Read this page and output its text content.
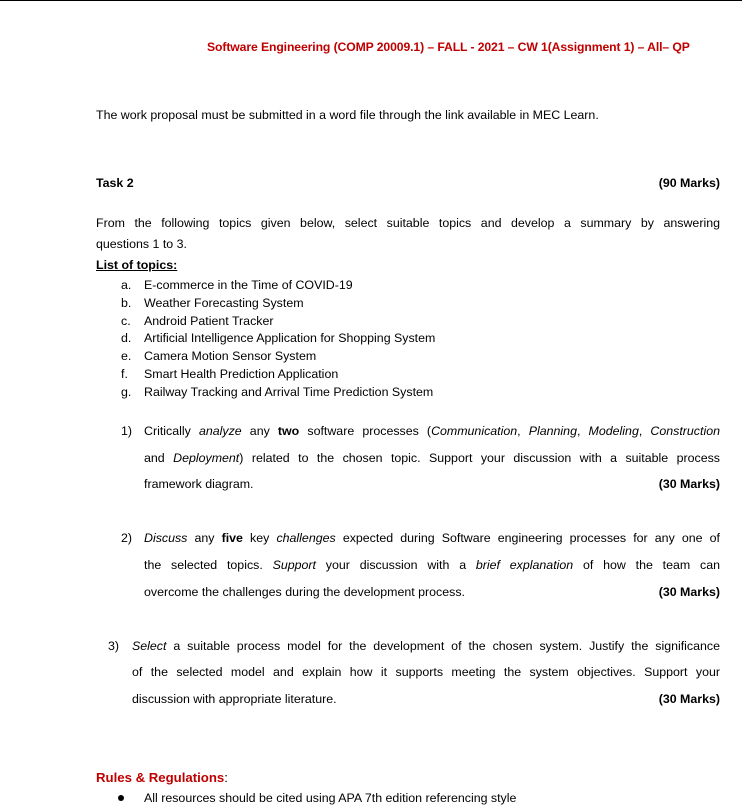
Software Engineering (COMP 20009.1) – FALL - 2021 – CW 1(Assignment 1) – All– QP
The work proposal must be submitted in a word file through the link available in MEC Learn.
Task 2	(90 Marks)
From the following topics given below, select suitable topics and develop a summary by answering
questions 1 to 3.
List of topics:
a.	E-commerce in the Time of COVID-19
b.	Weather Forecasting System
c.	Android Patient Tracker
d.	Artificial Intelligence Application for Shopping System
e.	Camera Motion Sensor System
f.	Smart Health Prediction Application
g.	Railway Tracking and Arrival Time Prediction System
1) Critically analyze any two software processes (Communication, Planning, Modeling, Construction
and Deployment) related to the chosen topic. Support your discussion with a suitable process
framework diagram.	(30 Marks)
2) Discuss any five key challenges expected during Software engineering processes for any one of
the selected topics. Support your discussion with a brief explanation of how the team can
overcome the challenges during the development process.	(30 Marks)
3) Select a suitable process model for the development of the chosen system. Justify the significance
of the selected model and explain how it supports meeting the system objectives. Support your
discussion with appropriate literature.	(30 Marks)
Rules & Regulations:
All resources should be cited using APA 7th edition referencing style
